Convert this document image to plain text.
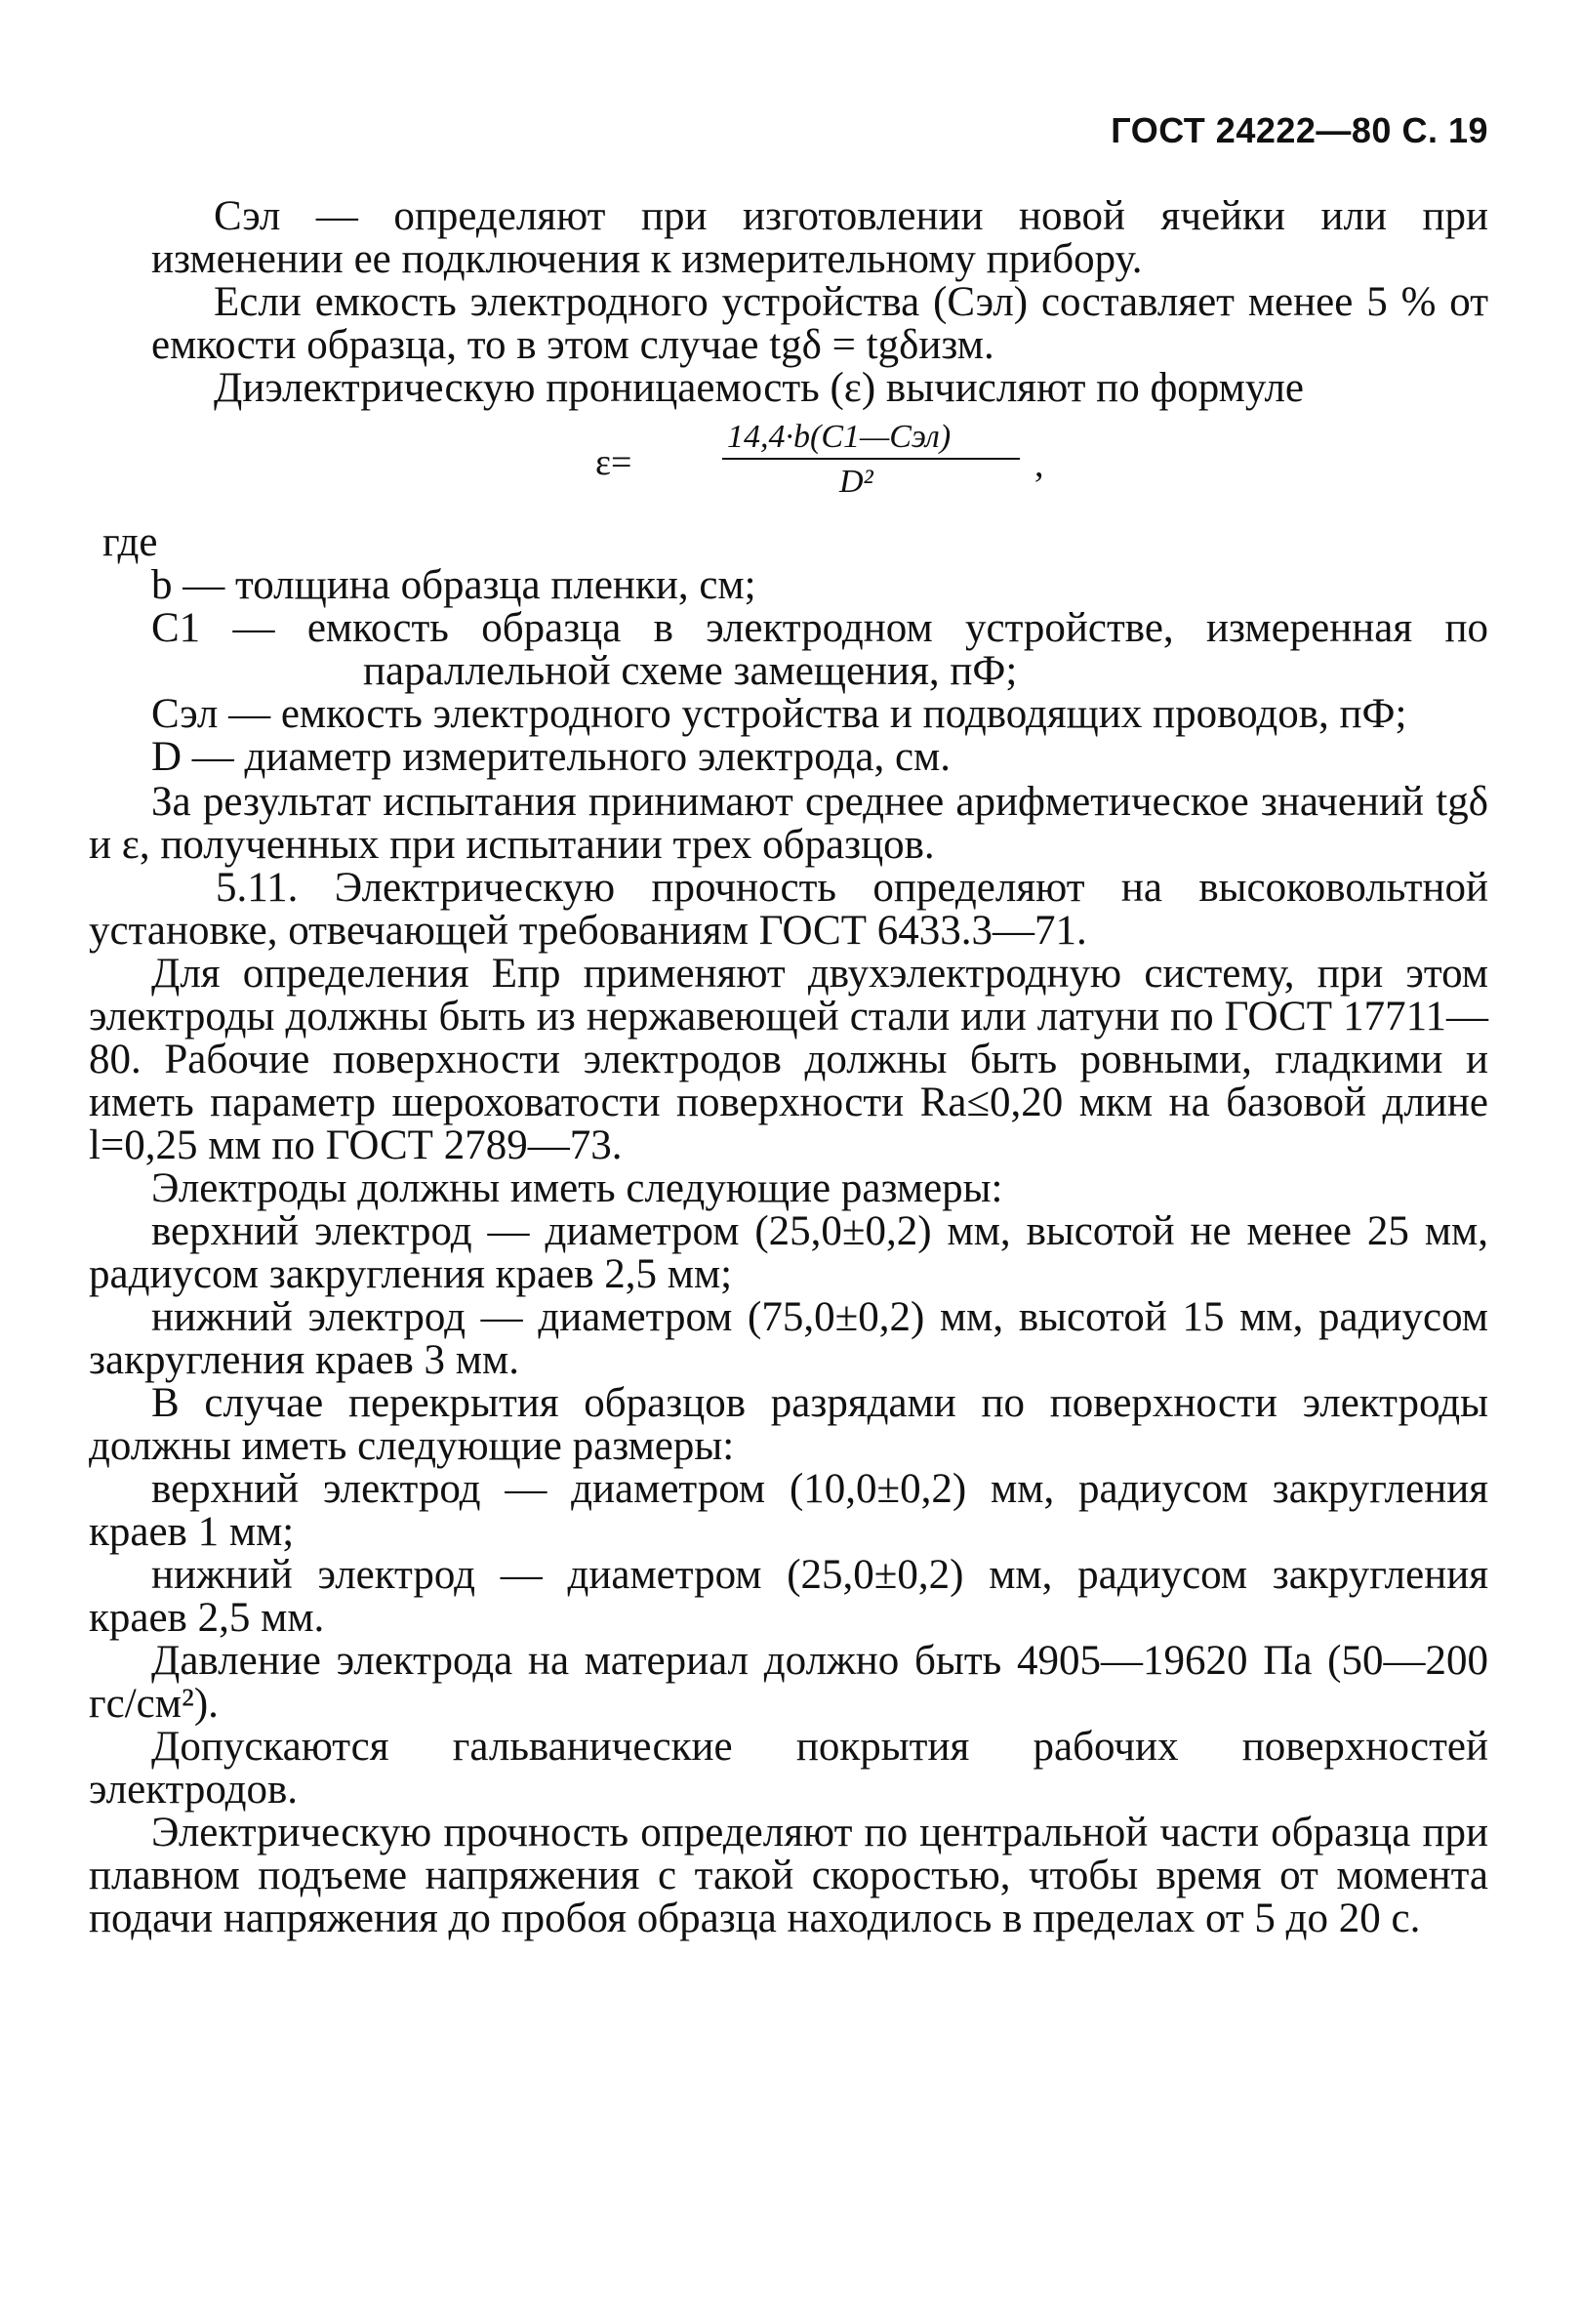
ГОСТ 24222—80 С. 19

Сэл — определяют при изготовлении новой ячейки или при изменении ее подключения к измерительному прибору.

Если емкость электродного устройства (Сэл) составляет менее 5 % от емкости образца, то в этом случае tgδ = tgδизм.

Диэлектрическую проницаемость (ε) вычисляют по формуле

ε=
14,4·b(C1—Cэл)
D²	,

где

b — толщина образца пленки, см;

C1 — емкость образца в электродном устройстве, измеренная по параллельной схеме замещения, пФ;

Сэл — емкость электродного устройства и подводящих проводов, пФ;

D — диаметр измерительного электрода, см.

За результат испытания принимают среднее арифметическое значений tgδ и ε, полученных при испытании трех образцов.

5.11. Электрическую прочность определяют на высоковольтной установке, отвечающей требованиям ГОСТ 6433.3—71.

Для определения Eпр применяют двухэлектродную систему, при этом электроды должны быть из нержавеющей стали или латуни по ГОСТ 17711—80. Рабочие поверхности электродов должны быть ровными, гладкими и иметь параметр шероховатости поверхности Ra≤0,20 мкм на базовой длине l=0,25 мм по ГОСТ 2789—73.

Электроды должны иметь следующие размеры:

верхний электрод — диаметром (25,0±0,2) мм, высотой не менее 25 мм, радиусом закругления краев 2,5 мм;

нижний электрод — диаметром (75,0±0,2) мм, высотой 15 мм, радиусом закругления краев 3 мм.

В случае перекрытия образцов разрядами по поверхности электроды должны иметь следующие размеры:

верхний электрод — диаметром (10,0±0,2) мм, радиусом закругления краев 1 мм;

нижний электрод — диаметром (25,0±0,2) мм, радиусом закругления краев 2,5 мм.

Давление электрода на материал должно быть 4905—19620 Па (50—200 гс/см²).

Допускаются гальванические покрытия рабочих поверхностей электродов.

Электрическую прочность определяют по центральной части образца при плавном подъеме напряжения с такой скоростью, чтобы время от момента подачи напряжения до пробоя образца находилось в пределах от 5 до 20 с.
